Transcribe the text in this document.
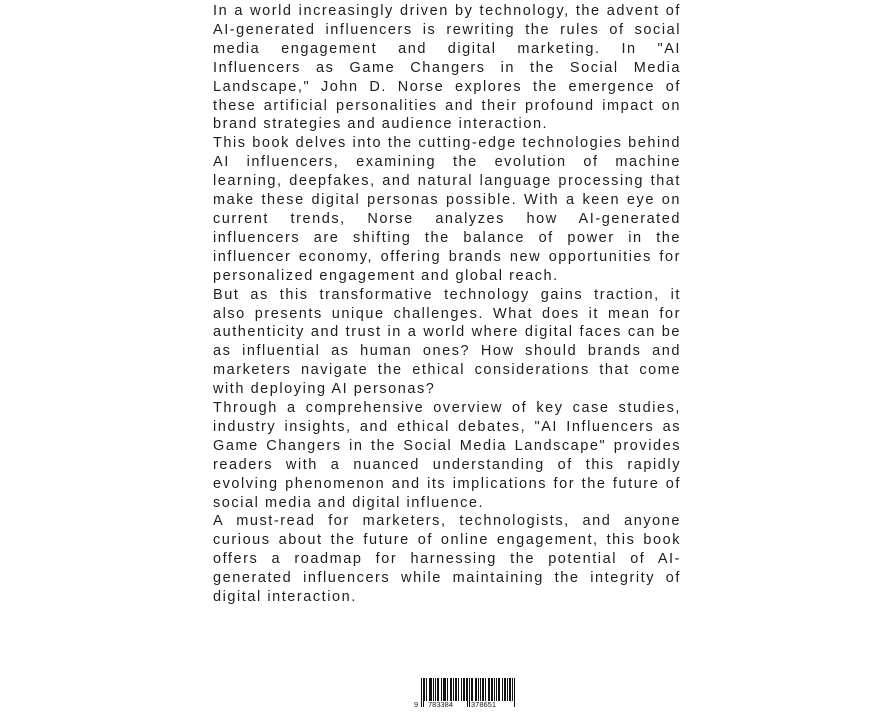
In a world increasingly driven by technology, the advent of AI-generated influencers is rewriting the rules of social media engagement and digital marketing. In "AI Influencers as Game Changers in the Social Media Landscape," John D. Norse explores the emergence of these artificial personalities and their profound impact on brand strategies and audience interaction.

This book delves into the cutting-edge technologies behind AI influencers, examining the evolution of machine learning, deepfakes, and natural language processing that make these digital personas possible. With a keen eye on current trends, Norse analyzes how AI-generated influencers are shifting the balance of power in the influencer economy, offering brands new opportunities for personalized engagement and global reach.

But as this transformative technology gains traction, it also presents unique challenges. What does it mean for authenticity and trust in a world where digital faces can be as influential as human ones? How should brands and marketers navigate the ethical considerations that come with deploying AI personas?

Through a comprehensive overview of key case studies, industry insights, and ethical debates, "AI Influencers as Game Changers in the Social Media Landscape" provides readers with a nuanced understanding of this rapidly evolving phenomenon and its implications for the future of social media and digital influence.

A must-read for marketers, technologists, and anyone curious about the future of online engagement, this book offers a roadmap for harnessing the potential of AI-generated influencers while maintaining the integrity of digital interaction.

9 783384 378651
